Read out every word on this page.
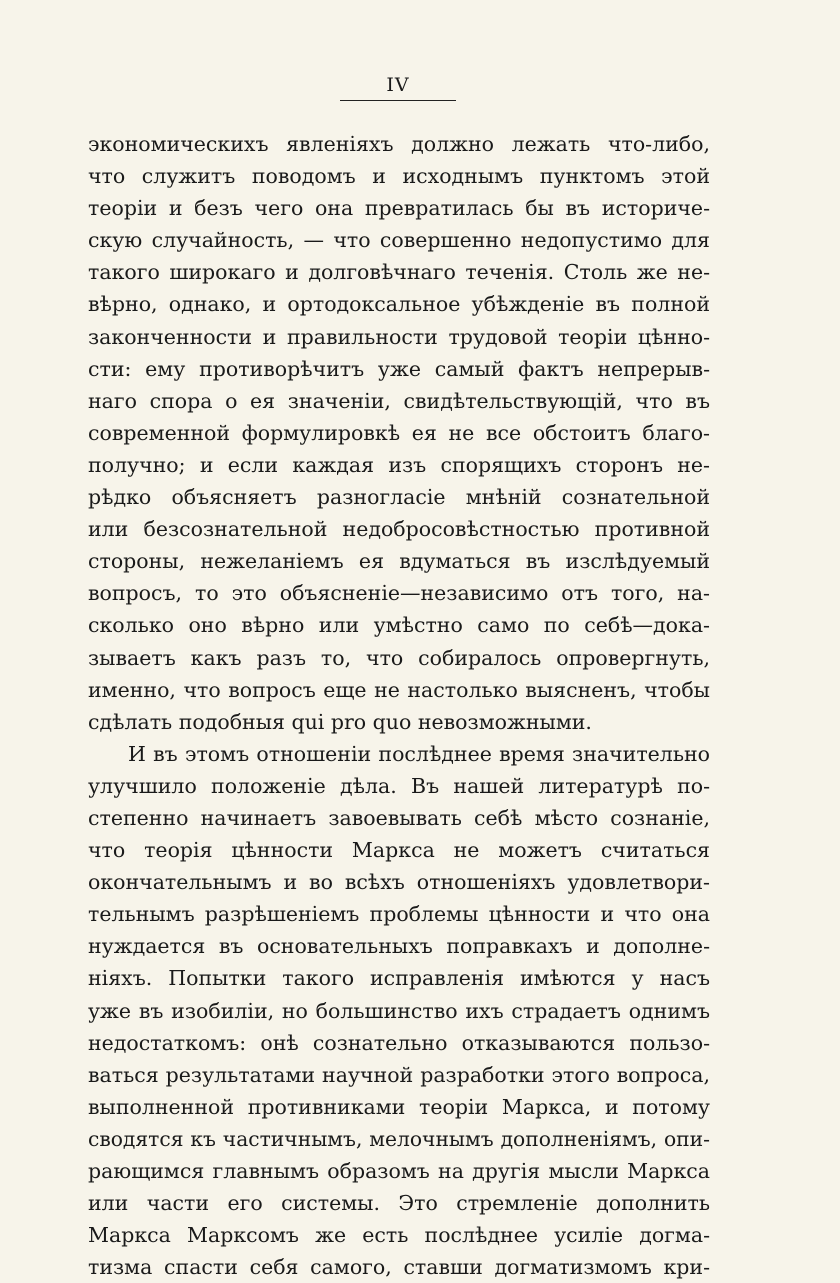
IV
экономическихъ явленіяхъ должно лежать что-либо,
что служитъ поводомъ и исходнымъ пунктомъ этой
теоріи и безъ чего она превратилась бы въ историче-
скую случайность, — что совершенно недопустимо для
такого широкаго и долговѣчнаго теченія. Столь же не-
вѣрно, однако, и ортодоксальное убѣжденіе въ полной
законченности и правильности трудовой теоріи цѣнно-
сти: ему противорѣчитъ уже самый фактъ непрерыв-
наго спора о ея значеніи, свидѣтельствующій, что въ
современной формулировкѣ ея не все обстоитъ благо-
получно; и если каждая изъ спорящихъ сторонъ не-
рѣдко объясняетъ разногласіе мнѣній сознательной
или безсознательной недобросовѣстностью противной
стороны, нежеланіемъ ея вдуматься въ изслѣдуемый
вопросъ, то это объясненіе—независимо отъ того, на-
сколько оно вѣрно или умѣстно само по себѣ—дока-
зываетъ какъ разъ то, что собиралось опровергнуть,
именно, что вопросъ еще не настолько выясненъ, чтобы
сдѣлать подобныя qui pro quo невозможными.
И въ этомъ отношеніи послѣднее время значительно
улучшило положеніе дѣла. Въ нашей литературѣ по-
степенно начинаетъ завоевывать себѣ мѣсто сознаніе,
что теорія цѣнности Маркса не можетъ считаться
окончательнымъ и во всѣхъ отношеніяхъ удовлетвори-
тельнымъ разрѣшеніемъ проблемы цѣнности и что она
нуждается въ основательныхъ поправкахъ и дополне-
ніяхъ. Попытки такого исправленія имѣются у насъ
уже въ изобиліи, но большинство ихъ страдаетъ однимъ
недостаткомъ: онѣ сознательно отказываются пользо-
ваться результатами научной разработки этого вопроса,
выполненной противниками теоріи Маркса, и потому
сводятся къ частичнымъ, мелочнымъ дополненіямъ, опи-
рающимся главнымъ образомъ на другія мысли Маркса
или части его системы. Это стремленіе дополнить
Маркса Марксомъ же есть послѣднее усиліе догма-
тизма спасти себя самого, ставши догматизмомъ кри-
